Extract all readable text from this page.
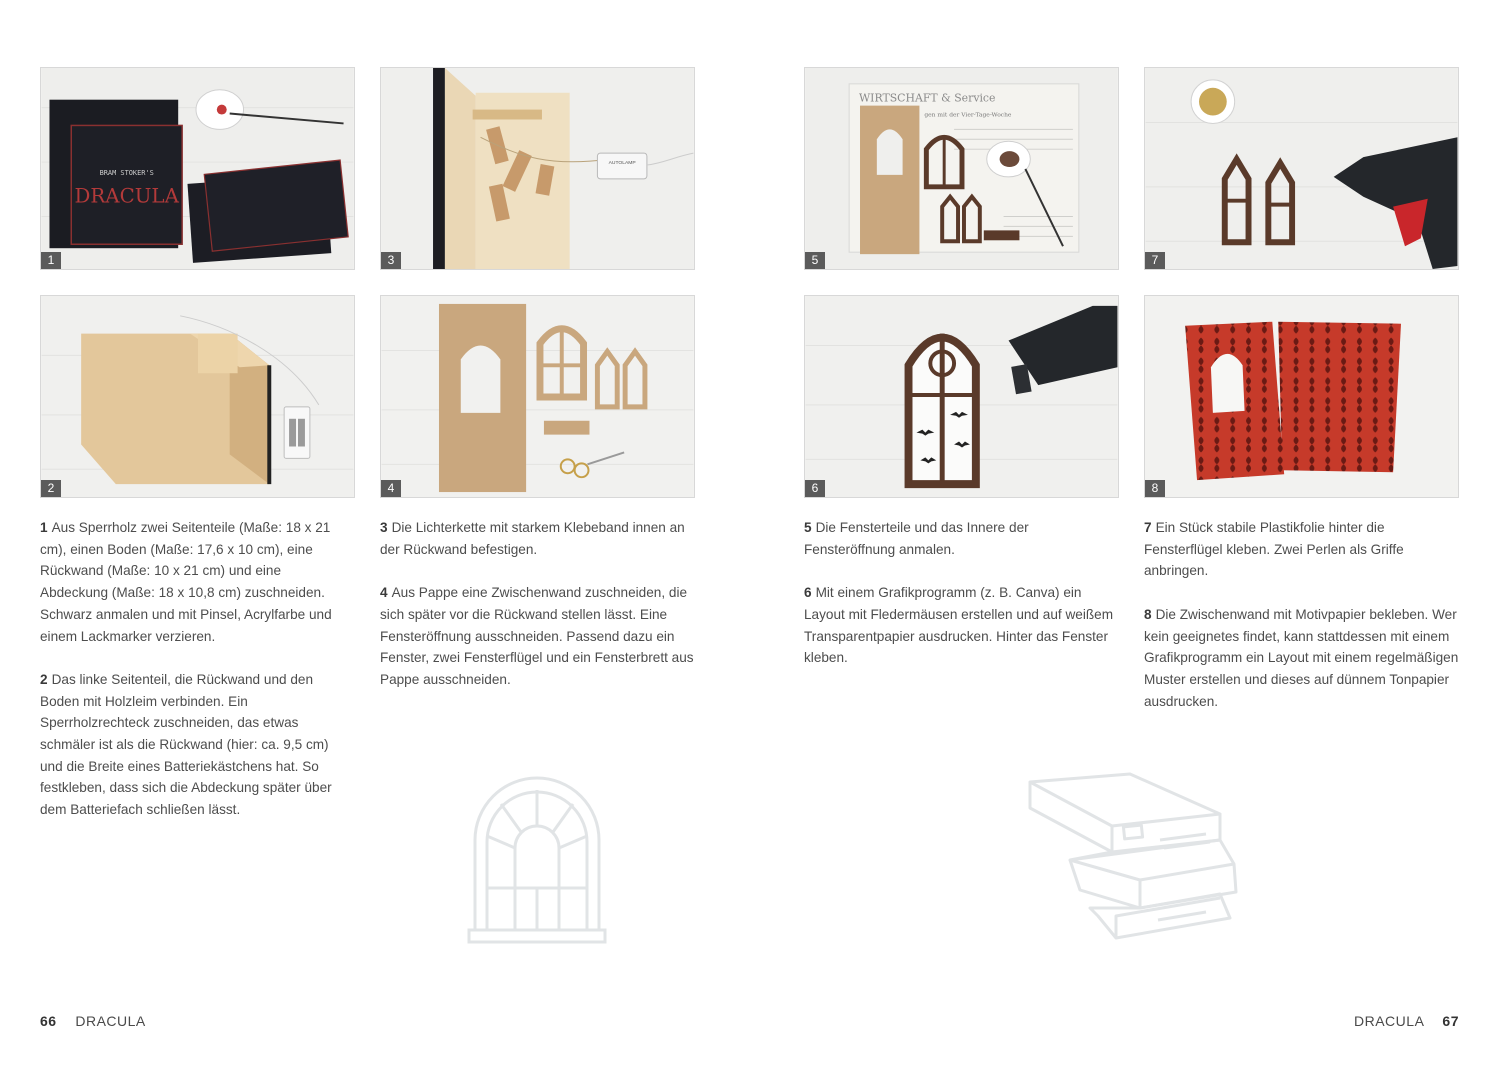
BRAM STOKER'S
DRACULA
1
2
AUTOLAMP
3
4
WIRTSCHAFT & Service
gen mit der Vier-Tage-Woche
5
6
7
8

1 Aus Sperrholz zwei Seitenteile (Maße: 18 x 21 cm), einen Boden (Maße: 17,6 x 10 cm), eine Rückwand (Maße: 10 x 21 cm) und eine Abdeckung (Maße: 18 x 10,8 cm) zuschneiden. Schwarz anmalen und mit Pinsel, Acrylfarbe und einem Lackmarker verzieren.

2 Das linke Seitenteil, die Rückwand und den Boden mit Holzleim verbinden. Ein Sperrholzrechteck zuschneiden, das etwas schmäler ist als die Rückwand (hier: ca. 9,5 cm) und die Breite eines Batteriekästchens hat. So festkleben, dass sich die Abdeckung später über dem Batteriefach schließen lässt.

3 Die Lichterkette mit starkem Klebeband innen an der Rückwand befestigen.

4 Aus Pappe eine Zwischenwand zuschneiden, die sich später vor die Rückwand stellen lässt. Eine Fensteröffnung ausschneiden. Passend dazu ein Fenster, zwei Fensterflügel und ein Fensterbrett aus Pappe ausschneiden.

5 Die Fensterteile und das Innere der Fensteröffnung anmalen.

6 Mit einem Grafikprogramm (z. B. Canva) ein Layout mit Fledermäusen erstellen und auf weißem Transparentpapier ausdrucken. Hinter das Fenster kleben.

7 Ein Stück stabile Plastikfolie hinter die Fensterflügel kleben. Zwei Perlen als Griffe anbringen.

8 Die Zwischenwand mit Motivpapier bekleben. Wer kein geeignetes findet, kann stattdessen mit einem Grafikprogramm ein Layout mit einem regelmäßigen Muster erstellen und dieses auf dünnem Tonpapier ausdrucken.

66 DRACULA	DRACULA 67
